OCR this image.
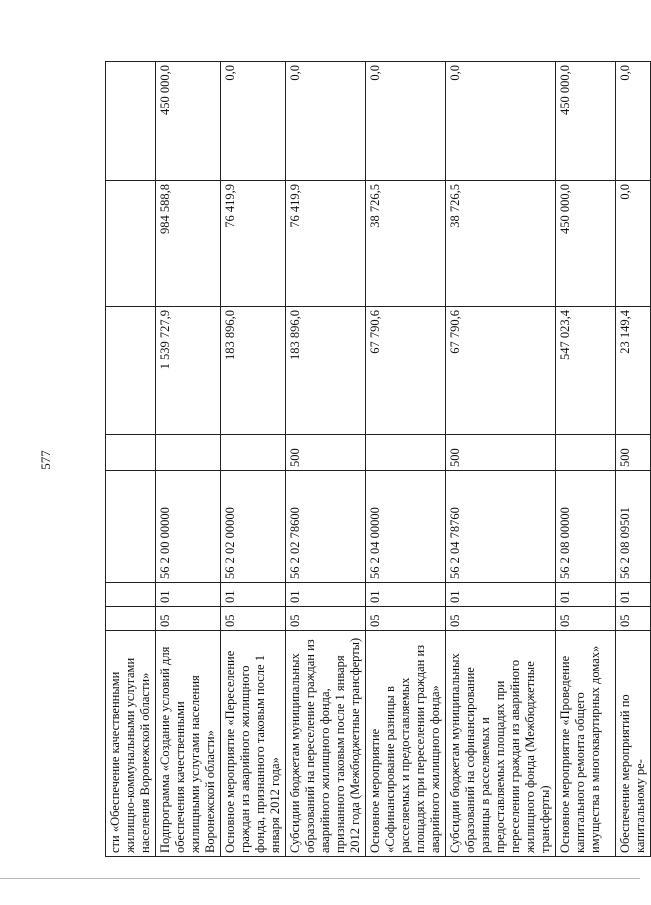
577
сти «Обеспечение качественными жилищно-коммунальными услугами населения Воронежской области»							
Подпрограмма «Создание условий для обеспечения качественными жилищными услугами населения Воронежской области»	05	01	56 2 00 00000		1 539 727,9	984 588,8	450 000,0
Основное мероприятие «Переселение граждан из аварийного жилищного фонда, признанного таковым после 1 января 2012 года»	05	01	56 2 02 00000		183 896,0	76 419,9	0,0
Субсидии бюджетам муниципальных образований на переселение граждан из аварийного жилищного фонда, признанного таковым после 1 января 2012 года (Межбюджетные трансферты)	05	01	56 2 02 78600	500	183 896,0	76 419,9	0,0
Основное мероприятие «Софинансирование разницы в расселяемых и предоставляемых площадях при переселении граждан из аварийного жилищного фонда»	05	01	56 2 04 00000		67 790,6	38 726,5	0,0
Субсидии бюджетам муниципальных образований на софинансирование разницы в расселяемых и предоставляемых площадях при переселении граждан из аварийного жилищного фонда (Межбюджетные трансферты)	05	01	56 2 04 78760	500	67 790,6	38 726,5	0,0
Основное мероприятие «Проведение капитального ремонта общего имущества в многоквартирных домах»	05	01	56 2 08 00000		547 023,4	450 000,0	450 000,0
Обеспечение мероприятий по капитальному ре-	05	01	56 2 08 09501	500	23 149,4	0,0	0,0
